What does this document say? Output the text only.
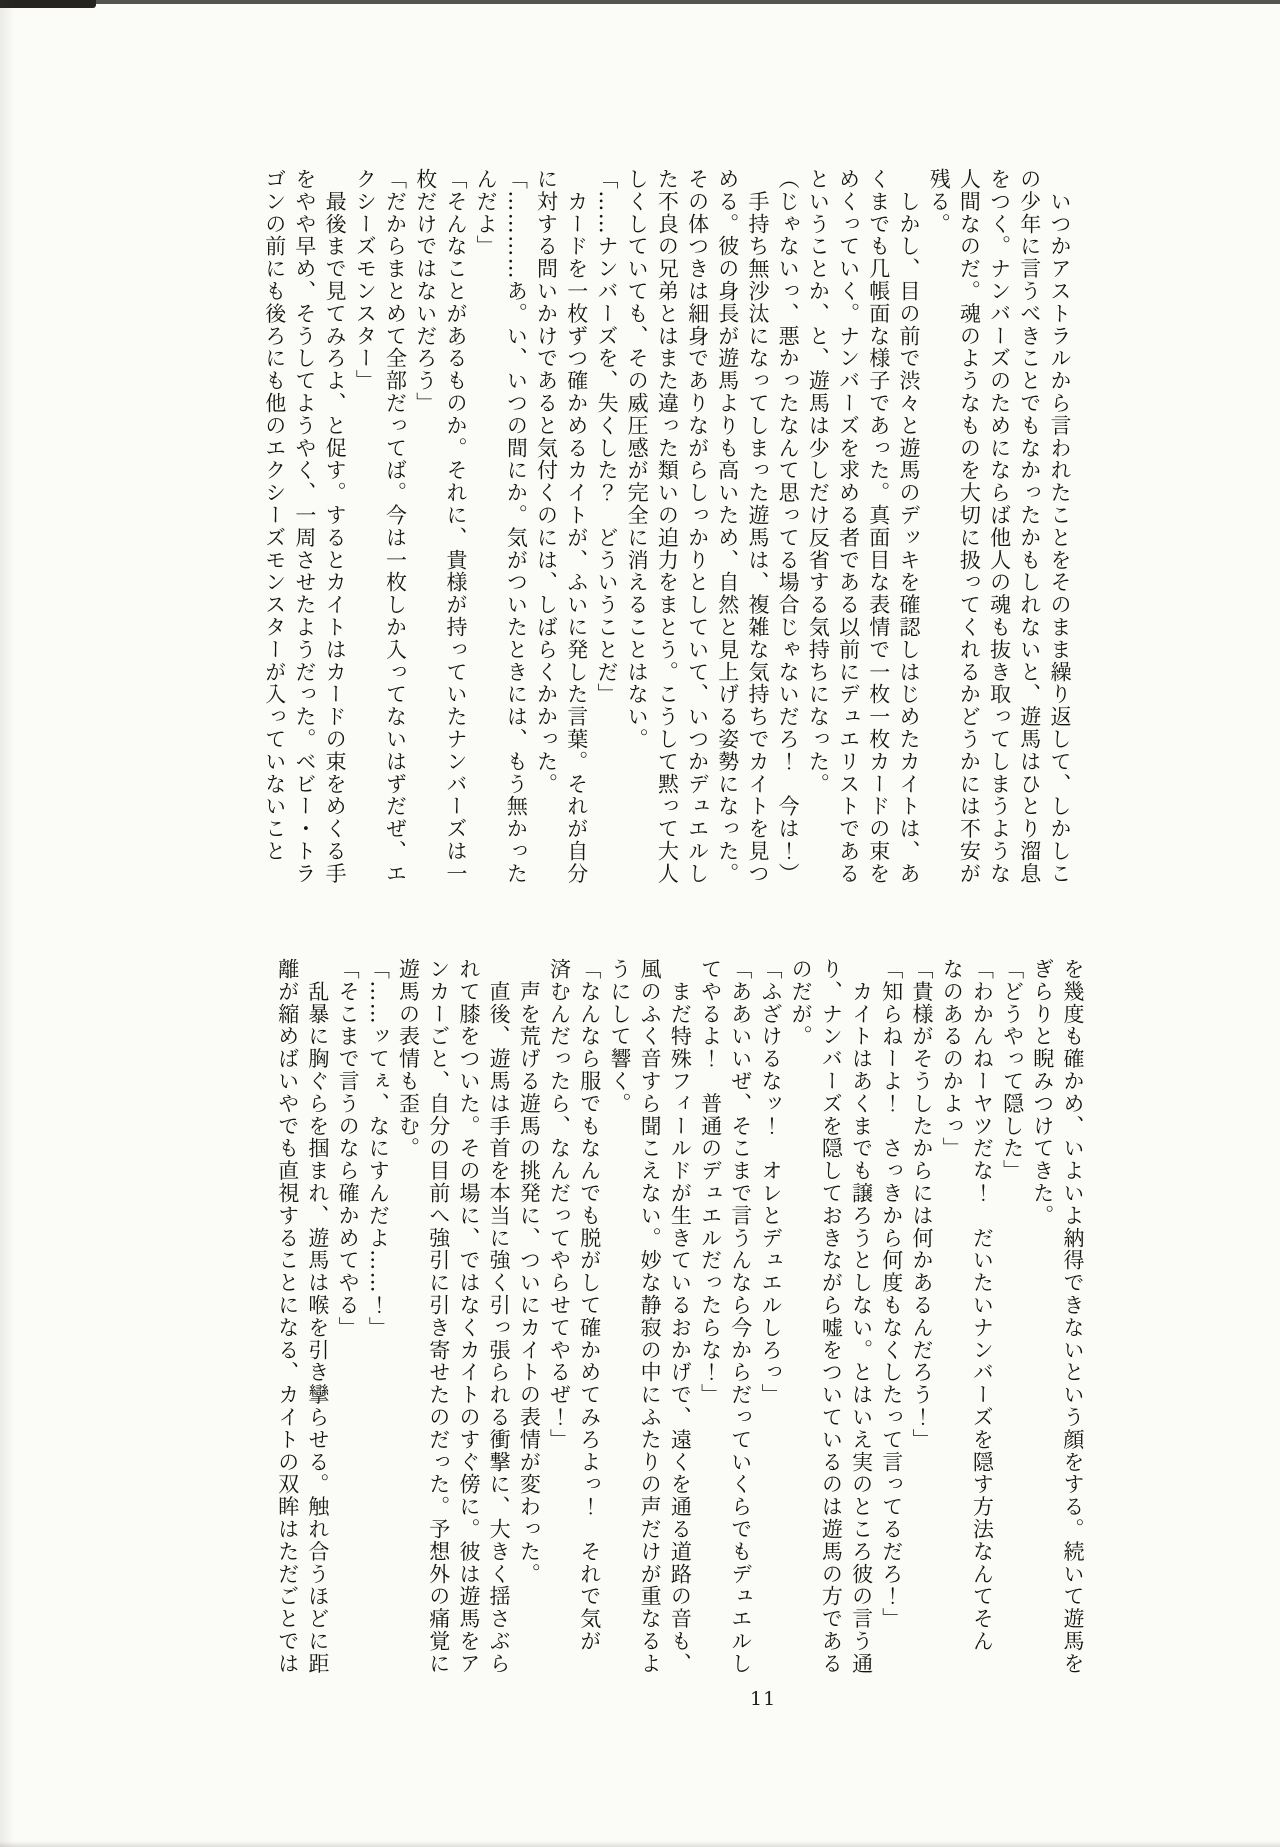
　いつかアストラルから言われたことをそのまま繰り返して、しかしこ

の少年に言うべきことでもなかったかもしれないと、遊馬はひとり溜息

をつく。ナンバーズのためにならば他人の魂も抜き取ってしまうような

人間なのだ。魂のようなものを大切に扱ってくれるかどうかには不安が

残る。

　しかし、目の前で渋々と遊馬のデッキを確認しはじめたカイトは、あ

くまでも几帳面な様子であった。真面目な表情で一枚一枚カードの束を

めくっていく。ナンバーズを求める者である以前にデュエリストである

ということか、と、遊馬は少しだけ反省する気持ちになった。

（じゃないっ、悪かったなんて思ってる場合じゃないだろ！　今は！）

　手持ち無沙汰になってしまった遊馬は、複雑な気持ちでカイトを見つ

める。彼の身長が遊馬よりも高いため、自然と見上げる姿勢になった。

その体つきは細身でありながらしっかりとしていて、いつかデュエルし

た不良の兄弟とはまた違った類いの迫力をまとう。こうして黙って大人

しくしていても、その威圧感が完全に消えることはない。

「……ナンバーズを、失くした？　どういうことだ」

　カードを一枚ずつ確かめるカイトが、ふいに発した言葉。それが自分

に対する問いかけであると気付くのには、しばらくかかった。

「…………あ。い、いつの間にか。気がついたときには、もう無かった

んだよ」

「そんなことがあるものか。それに、貴様が持っていたナンバーズは一

枚だけではないだろう」

「だからまとめて全部だってば。今は一枚しか入ってないはずだぜ、エ

クシーズモンスター」

　最後まで見てみろよ、と促す。するとカイトはカードの束をめくる手

をやや早め、そうしてようやく、一周させたようだった。ベビー・トラ

ゴンの前にも後ろにも他のエクシーズモンスターが入っていないこと

を幾度も確かめ、いよいよ納得できないという顔をする。続いて遊馬を

ぎらりと睨みつけてきた。

「どうやって隠した」

「わかんねーヤツだな！　だいたいナンバーズを隠す方法なんてそん

なのあるのかよっ」

「貴様がそうしたからには何かあるんだろう！」

「知らねーよ！　さっきから何度もなくしたって言ってるだろ！」

　カイトはあくまでも譲ろうとしない。とはいえ実のところ彼の言う通

り、ナンバーズを隠しておきながら嘘をついているのは遊馬の方である

のだが。

「ふざけるなッ！　オレとデュエルしろっ」

「ああいいぜ、そこまで言うんなら今からだっていくらでもデュエルし

てやるよ！　普通のデュエルだったらな！」

　まだ特殊フィールドが生きているおかげで、遠くを通る道路の音も、

風のふく音すら聞こえない。妙な静寂の中にふたりの声だけが重なるよ

うにして響く。

「なんなら服でもなんでも脱がして確かめてみろよっ！　それで気が

済むんだったら、なんだってやらせてやるぜ！」

　声を荒げる遊馬の挑発に、ついにカイトの表情が変わった。

　直後、遊馬は手首を本当に強く引っ張られる衝撃に、大きく揺さぶら

れて膝をついた。その場に、ではなくカイトのすぐ傍に。彼は遊馬をア

ンカーごと、自分の目前へ強引に引き寄せたのだった。予想外の痛覚に

遊馬の表情も歪む。

「……ッてぇ、なにすんだよ……！」

「そこまで言うのなら確かめてやる」

　乱暴に胸ぐらを掴まれ、遊馬は喉を引き攣らせる。触れ合うほどに距

離が縮めばいやでも直視することになる、カイトの双眸はただごとでは

11
